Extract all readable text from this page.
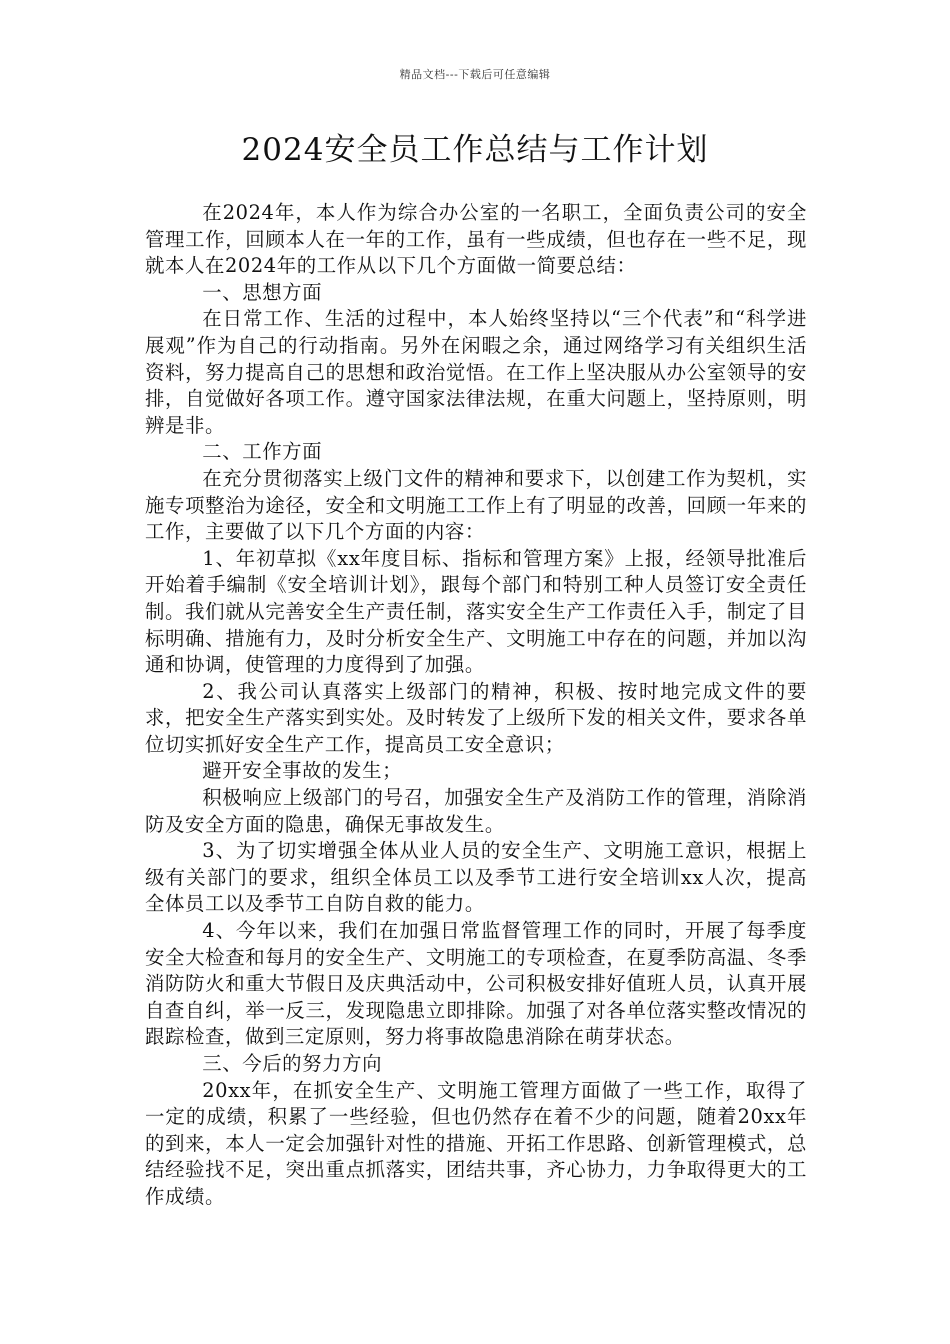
精品文档---下载后可任意编辑
2024安全员工作总结与工作计划

在2024年，本人作为综合办公室的一名职工，全面负责公司的安全管理工作，回顾本人在一年的工作，虽有一些成绩，但也存在一些不足，现就本人在2024年的工作从以下几个方面做一简要总结：

一、思想方面

在日常工作、生活的过程中，本人始终坚持以“三个代表”和“科学进展观”作为自己的行动指南。另外在闲暇之余，通过网络学习有关组织生活资料，努力提高自己的思想和政治觉悟。在工作上坚决服从办公室领导的安排，自觉做好各项工作。遵守国家法律法规，在重大问题上，坚持原则，明辨是非。

二、工作方面

在充分贯彻落实上级门文件的精神和要求下，以创建工作为契机，实施专项整治为途径，安全和文明施工工作上有了明显的改善，回顾一年来的工作，主要做了以下几个方面的内容：

1、年初草拟《xx年度目标、指标和管理方案》上报，经领导批准后开始着手编制《安全培训计划》，跟每个部门和特别工种人员签订安全责任制。我们就从完善安全生产责任制，落实安全生产工作责任入手，制定了目标明确、措施有力，及时分析安全生产、文明施工中存在的问题，并加以沟通和协调，使管理的力度得到了加强。

2、我公司认真落实上级部门的精神，积极、按时地完成文件的要求，把安全生产落实到实处。及时转发了上级所下发的相关文件，要求各单位切实抓好安全生产工作，提高员工安全意识；

避开安全事故的发生；

积极响应上级部门的号召，加强安全生产及消防工作的管理，消除消防及安全方面的隐患，确保无事故发生。

3、为了切实增强全体从业人员的安全生产、文明施工意识，根据上级有关部门的要求，组织全体员工以及季节工进行安全培训xx人次，提高全体员工以及季节工自防自救的能力。

4、今年以来，我们在加强日常监督管理工作的同时，开展了每季度安全大检查和每月的安全生产、文明施工的专项检查，在夏季防高温、冬季消防防火和重大节假日及庆典活动中，公司积极安排好值班人员，认真开展自查自纠，举一反三，发现隐患立即排除。加强了对各单位落实整改情况的跟踪检查，做到三定原则，努力将事故隐患消除在萌芽状态。

三、今后的努力方向

20xx年，在抓安全生产、文明施工管理方面做了一些工作，取得了一定的成绩，积累了一些经验，但也仍然存在着不少的问题，随着20xx年的到来，本人一定会加强针对性的措施、开拓工作思路、创新管理模式，总结经验找不足，突出重点抓落实，团结共事，齐心协力，力争取得更大的工作成绩。
